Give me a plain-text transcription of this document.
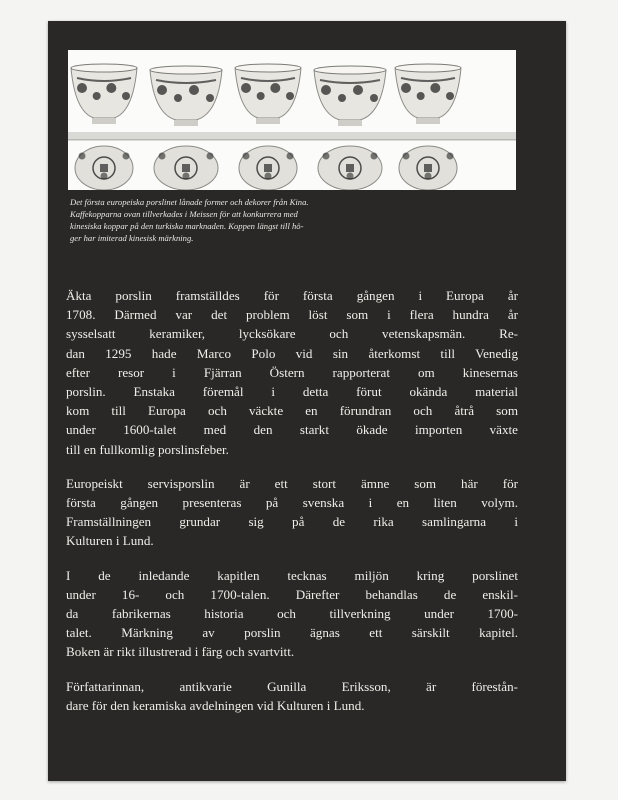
Det första europeiska porslinet lånade former och dekorer från Kina.
Kaffekopparna ovan tillverkades i Meissen för att konkurrera med
kinesiska koppar på den turkiska marknaden. Koppen längst till hö-
ger har imiterad kinesisk märkning.

Äkta porslin framställdes för första gången i Europa år
1708. Därmed var det problem löst som i flera hundra år
sysselsatt keramiker, lycksökare och vetenskapsmän. Re-
dan 1295 hade Marco Polo vid sin återkomst till Venedig
efter resor i Fjärran Östern rapporterat om kinesernas
porslin. Enstaka föremål i detta förut okända material
kom till Europa och väckte en förundran och åtrå som
under 1600-talet med den starkt ökade importen växte
till en fullkomlig porslinsfeber.

Europeiskt servisporslin är ett stort ämne som här för
första gången presenteras på svenska i en liten volym.
Framställningen grundar sig på de rika samlingarna i
Kulturen i Lund.

I de inledande kapitlen tecknas miljön kring porslinet
under 16- och 1700-talen. Därefter behandlas de enskil-
da fabrikernas historia och tillverkning under 1700-
talet. Märkning av porslin ägnas ett särskilt kapitel.
Boken är rikt illustrerad i färg och svartvitt.

Författarinnan, antikvarie Gunilla Eriksson, är förestån-
dare för den keramiska avdelningen vid Kulturen i Lund.
